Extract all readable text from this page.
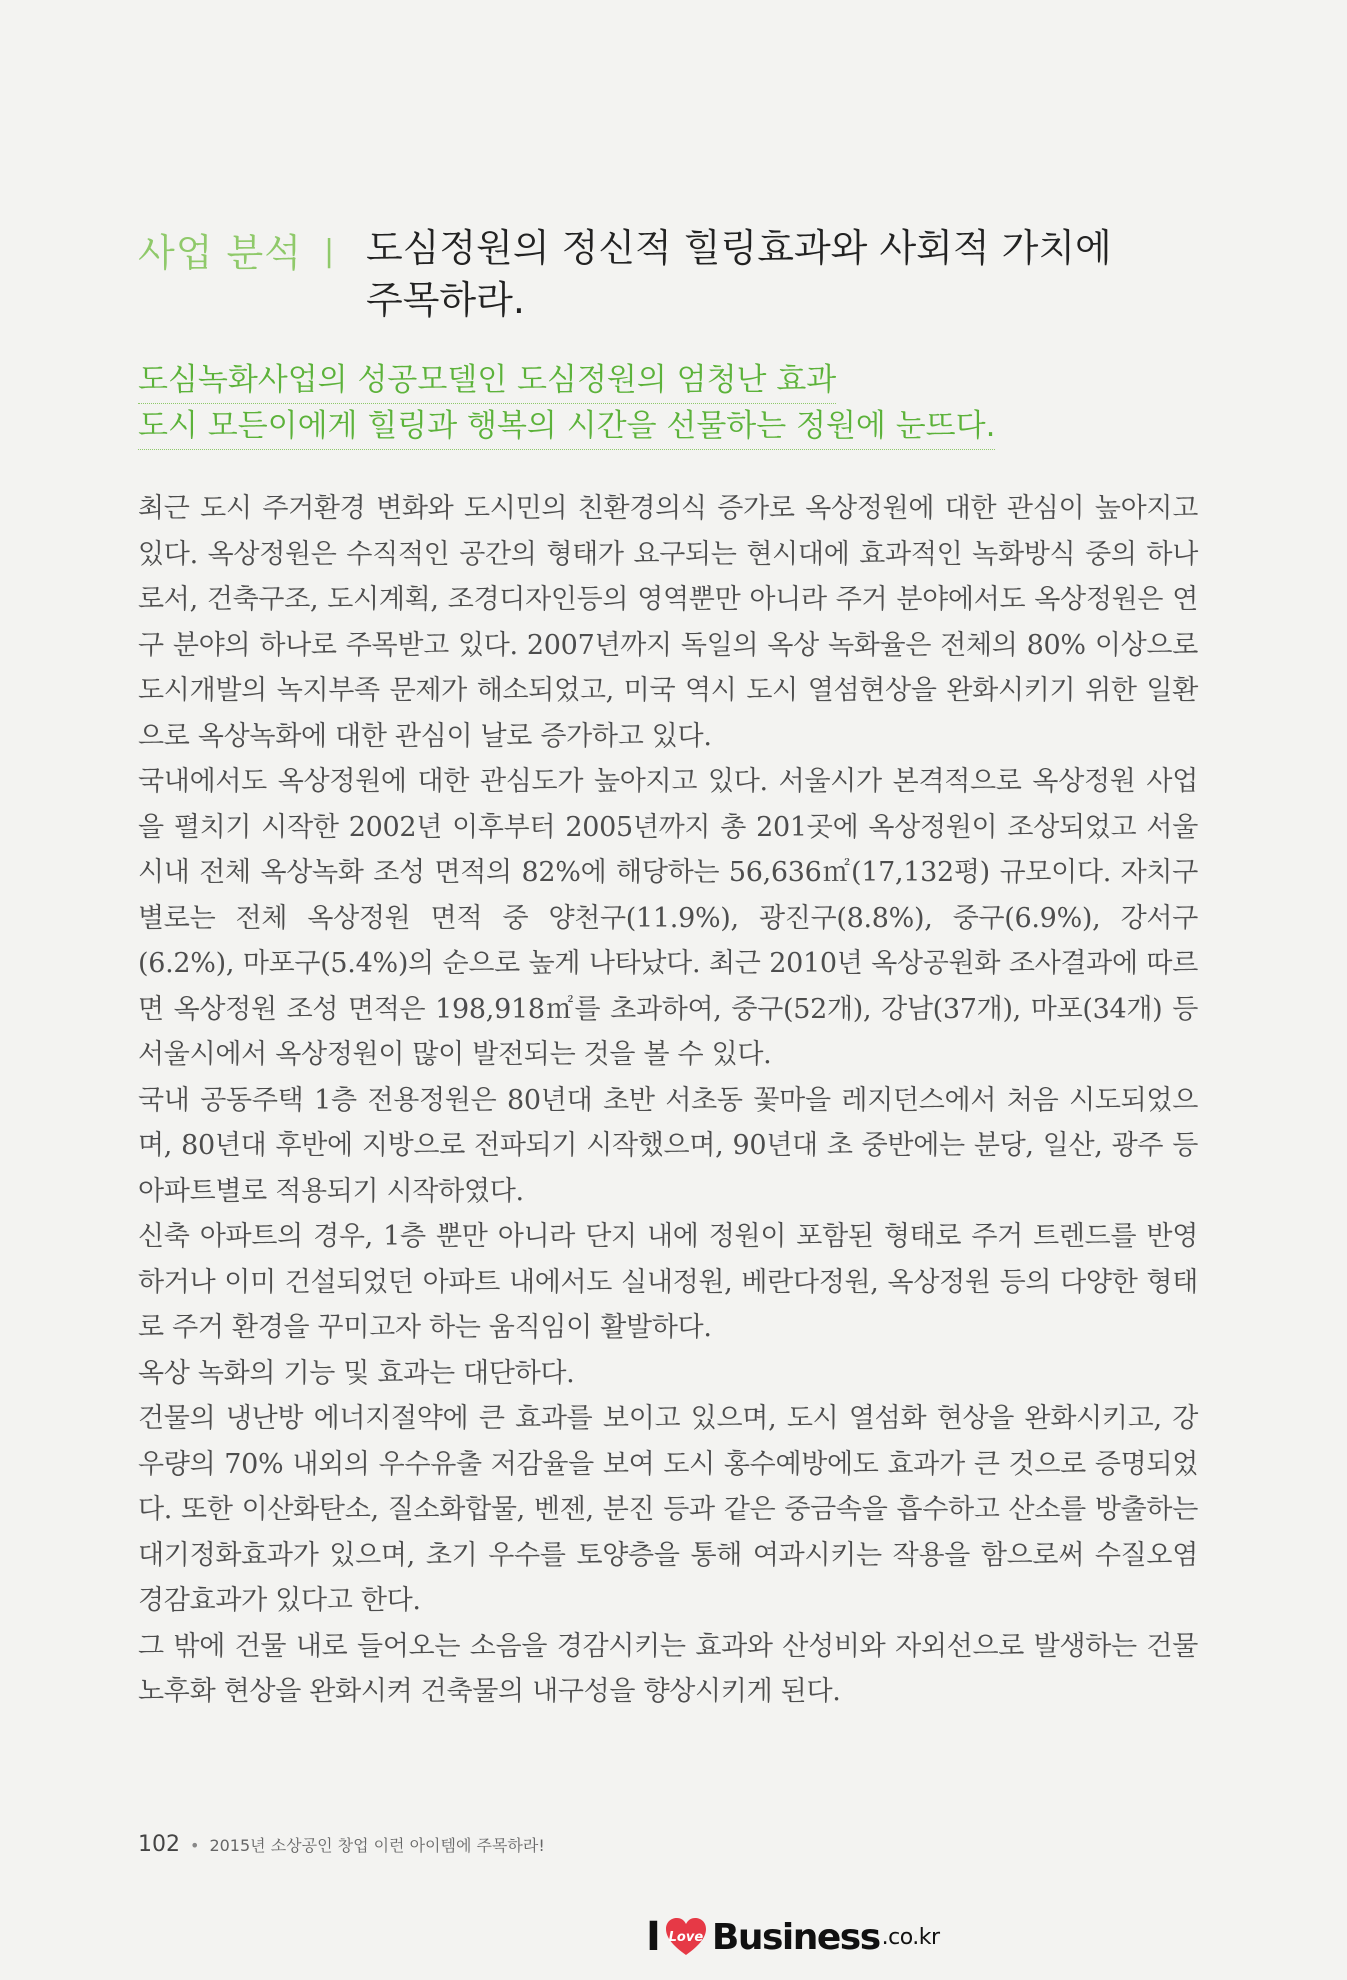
사업 분석 | 도심정원의 정신적 힐링효과와 사회적 가치에 주목하라.
도심녹화사업의 성공모델인 도심정원의 엄청난 효과
도시 모든이에게 힐링과 행복의 시간을 선물하는 정원에 눈뜨다.

최근 도시 주거환경 변화와 도시민의 친환경의식 증가로 옥상정원에 대한 관심이 높아지고 있다. 옥상정원은 수직적인 공간의 형태가 요구되는 현시대에 효과적인 녹화방식 중의 하나로서, 건축구조, 도시계획, 조경디자인등의 영역뿐만 아니라 주거 분야에서도 옥상정원은 연구 분야의 하나로 주목받고 있다. 2007년까지 독일의 옥상 녹화율은 전체의 80% 이상으로 도시개발의 녹지부족 문제가 해소되었고, 미국 역시 도시 열섬현상을 완화시키기 위한 일환으로 옥상녹화에 대한 관심이 날로 증가하고 있다.

국내에서도 옥상정원에 대한 관심도가 높아지고 있다. 서울시가 본격적으로 옥상정원 사업을 펼치기 시작한 2002년 이후부터 2005년까지 총 201곳에 옥상정원이 조상되었고 서울시내 전체 옥상녹화 조성 면적의 82%에 해당하는 56,636㎡(17,132평) 규모이다. 자치구별로는 전체 옥상정원 면적 중 양천구(11.9%), 광진구(8.8%), 중구(6.9%), 강서구(6.2%), 마포구(5.4%)의 순으로 높게 나타났다. 최근 2010년 옥상공원화 조사결과에 따르면 옥상정원 조성 면적은 198,918㎡를 초과하여, 중구(52개), 강남(37개), 마포(34개) 등 서울시에서 옥상정원이 많이 발전되는 것을 볼 수 있다.

국내 공동주택 1층 전용정원은 80년대 초반 서초동 꽃마을 레지던스에서 처음 시도되었으며, 80년대 후반에 지방으로 전파되기 시작했으며, 90년대 초 중반에는 분당, 일산, 광주 등 아파트별로 적용되기 시작하였다.

신축 아파트의 경우, 1층 뿐만 아니라 단지 내에 정원이 포함된 형태로 주거 트렌드를 반영하거나 이미 건설되었던 아파트 내에서도 실내정원, 베란다정원, 옥상정원 등의 다양한 형태로 주거 환경을 꾸미고자 하는 움직임이 활발하다.

옥상 녹화의 기능 및 효과는 대단하다.

건물의 냉난방 에너지절약에 큰 효과를 보이고 있으며, 도시 열섬화 현상을 완화시키고, 강우량의 70% 내외의 우수유출 저감율을 보여 도시 홍수예방에도 효과가 큰 것으로 증명되었다. 또한 이산화탄소, 질소화합물, 벤젠, 분진 등과 같은 중금속을 흡수하고 산소를 방출하는 대기정화효과가 있으며, 초기 우수를 토양층을 통해 여과시키는 작용을 함으로써 수질오염 경감효과가 있다고 한다.

그 밖에 건물 내로 들어오는 소음을 경감시키는 효과와 산성비와 자외선으로 발생하는 건물 노후화 현상을 완화시켜 건축물의 내구성을 향상시키게 된다.

102 • 2015년 소상공인 창업 이런 아이템에 주목하라!
I Love Business .co.kr
